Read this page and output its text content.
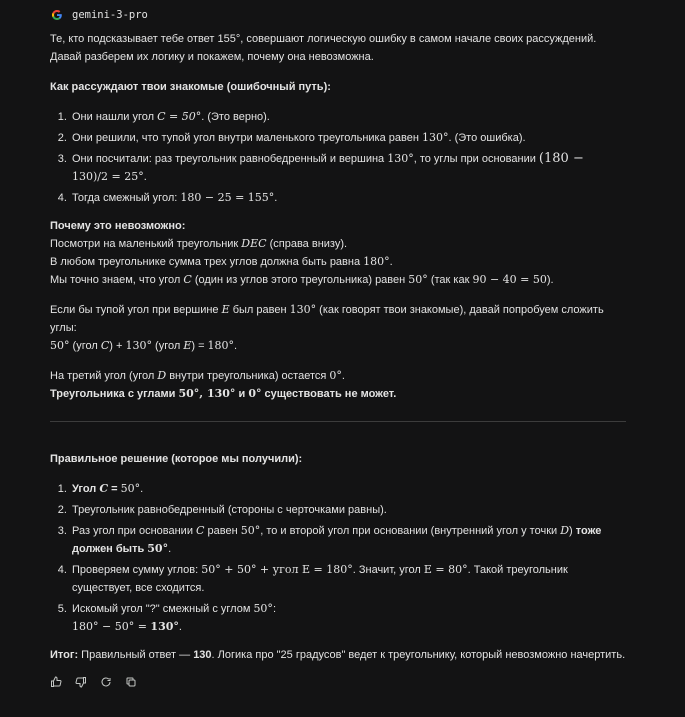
gemini-3-pro

Те, кто подсказывает тебе ответ 155°, совершают логическую ошибку в самом начале своих рассуждений. Давай разберем их логику и покажем, почему она невозможна.

Как рассуждают твои знакомые (ошибочный путь):

1. Они нашли угол C = 50°. (Это верно).
2. Они решили, что тупой угол внутри маленького треугольника равен 130°. (Это ошибка).
3. Они посчитали: раз треугольник равнобедренный и вершина 130°, то углы при основании (180 −
130)/2 = 25°.
4. Тогда смежный угол: 180 − 25 = 155°.

Почему это невозможно:
Посмотри на маленький треугольник DEC (справа внизу).
В любом треугольнике сумма трех углов должна быть равна 180°.
Мы точно знаем, что угол C (один из углов этого треугольника) равен 50° (так как 90 − 40 = 50).

Если бы тупой угол при вершине E был равен 130° (как говорят твои знакомые), давай попробуем сложить углы:
50° (угол C) + 130° (угол E) = 180°.

На третий угол (угол D внутри треугольника) остается 0°.
Треугольника с углами 50°, 130° и 0° существовать не может.

Правильное решение (которое мы получили):

1. Угол C = 50°.
2. Треугольник равнобедренный (стороны с черточками равны).
3. Раз угол при основании C равен 50°, то и второй угол при основании (внутренний угол у точки D) тоже должен быть 50°.
4. Проверяем сумму углов: 50° + 50° + угол E = 180°. Значит, угол E = 80°. Такой треугольник существует, все сходится.
5. Искомый угол "?" смежный с углом 50°:
180° − 50° = 130°.

Итог: Правильный ответ — 130. Логика про "25 градусов" ведет к треугольнику, который невозможно начертить.
